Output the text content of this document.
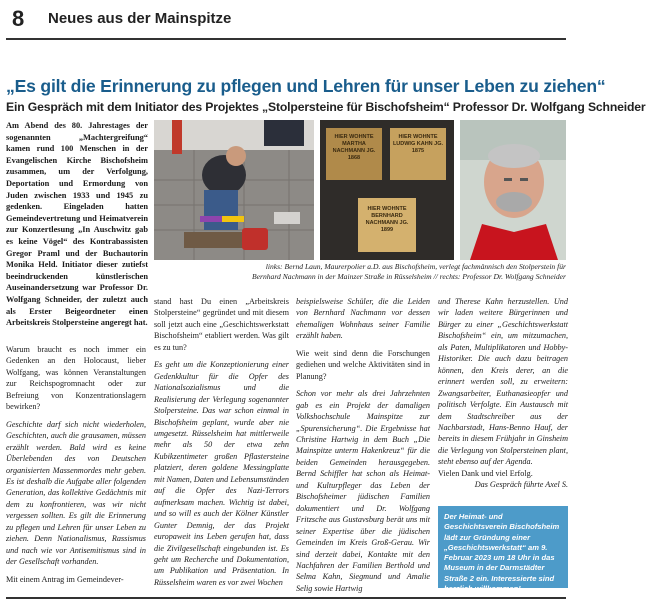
8 Neues aus der Mainspitze
„Es gilt die Erinnerung zu pflegen und Lehren für unser Leben zu ziehen“
Ein Gespräch mit dem Initiator des Projektes „Stolpersteine für Bischofsheim“ Professor Dr. Wolfgang Schneider
Am Abend des 80. Jahrestages der sogenannten „Machtergreifung“ kamen rund 100 Menschen in der Evangelischen Kirche Bischofsheim zusammen, um der Verfolgung, Deportation und Ermordung von Juden zwischen 1933 und 1945 zu gedenken. Eingeladen hatten Gemeindevertretung und Heimatverein zur Konzertlesung „In Auschwitz gab es keine Vögel“ des Kontrabassisten Gregor Praml und der Buchautorin Monika Held. Initiator dieser zutiefst beeindruckenden künstlerischen Auseinandersetzung war Professor Dr. Wolfgang Schneider, der zuletzt auch als Erster Beigeordneter einen Arbeitskreis Stolpersteine angeregt hat.
HIER WOHNTE MARTHA NACHMANN JG. 1868
HIER WOHNTE LUDWIG KAHN JG. 1875
HIER WOHNTE BERNHARD NACHMANN JG. 1899
links: Bernd Laun, Maurerpolier a.D. aus Bischofsheim, verlegt fachmännisch den Stolperstein für
Bernhard Nachmann in der Mainzer Straße in Rüsselsheim // rechts: Professor Dr. Wolfgang Schneider

Warum braucht es noch immer ein Gedenken an den Holocaust, lieber Wolfgang, was können Veranstaltungen zur Reichspogromnacht oder zur Befreiung von Konzentrationslagern bewirken?

Geschichte darf sich nicht wiederholen, Geschichten, auch die grausamen, müssen erzählt werden. Bald wird es keine Überlebenden des von Deutschen organisierten Massenmordes mehr geben. Es ist deshalb die Aufgabe aller folgenden Generation, das kollektive Gedächtnis mit dem zu konfrontieren, was wir nicht vergessen sollten. Es gilt die Erinnerung zu pflegen und Lehren für unser Leben zu ziehen. Denn Nationalismus, Rassismus und nach wie vor Antisemitismus sind in der Gesellschaft vorhanden.

Mit einem Antrag im Gemeindever-

stand hast Du einen „Arbeitskreis Stolpersteine“ gegründet und mit diesem soll jetzt auch eine „Geschichtswerkstatt Bischofsheim“ etabliert werden. Was gilt es zu tun?

Es geht um die Konzeptionierung einer Gedenkkultur für die Opfer des Nationalsozialismus und die Realisierung der Verlegung sogenannter Stolpersteine. Das war schon einmal in Bischofsheim geplant, wurde aber nie umgesetzt. Rüsselsheim hat mittlerweile mehr als 50 der etwa zehn Kubikzentimeter großen Pflastersteine platziert, deren goldene Messingplatte mit Namen, Daten und Lebensumständen auf die Opfer des Nazi-Terrors aufmerksam machen. Wichtig ist dabei, und so will es auch der Kölner Künstler Gunter Demnig, der das Projekt europaweit ins Leben gerufen hat, dass die Zivilgesellschaft eingebunden ist. Es geht um Recherche und Dokumentation, um Publikation und Präsentation. In Rüsselsheim waren es vor zwei Wochen

beispielsweise Schüler, die die Leiden von Bernhard Nachmann vor dessen ehemaligen Wohnhaus seiner Familie erzählt haben.

Wie weit sind denn die Forschungen gediehen und welche Aktivitäten sind in Planung?

Schon vor mehr als drei Jahrzehnten gab es ein Projekt der damaligen Volkshochschule Mainspitze zur „Spurensicherung“. Die Ergebnisse hat Christine Hartwig in dem Buch „Die Mainspitze unterm Hakenkreuz“ für die beiden Gemeinden herausgegeben. Bernd Schiffler hat schon als Heimat- und Kulturpfleger das Leben der Bischofsheimer jüdischen Familien dokumentiert und Dr. Wolfgang Fritzsche aus Gustavsburg berät uns mit seiner Expertise über die jüdischen Gemeinden im Kreis Groß-Gerau. Wir sind derzeit dabei, Kontakte mit den Nachfahren der Familien Berthold und Selma Kahn, Siegmund und Amalie Selig sowie Hartwig

und Therese Kahn herzustellen. Und wir laden weitere Bürgerinnen und Bürger zu einer „Geschichtswerkstatt Bischofsheim“ ein, um mitzumachen, als Paten, Multiplikatoren und Hobby-Historiker. Die auch dazu beitragen können, den Kreis derer, an die erinnert werden soll, zu erweitern: Zwangsarbeiter, Euthanasieopfer und politisch Verfolgte. Ein Austausch mit dem Stadtschreiber aus der Nachbarstadt, Hans-Benno Hauf, der bereits in diesem Frühjahr in Ginsheim die Verlegung von Stolpersteinen plant, steht ebenso auf der Agenda.

Vielen Dank und viel Erfolg.
Das Gespräch führte Axel S.
Der Heimat- und Geschichtsverein Bischofsheim lädt zur Gründung einer „Geschichtswerkstatt“ am 9. Februar 2023 um 18 Uhr in das Museum in der Darmstädter Straße 2 ein. Interessierte sind herzlich willkommen!
